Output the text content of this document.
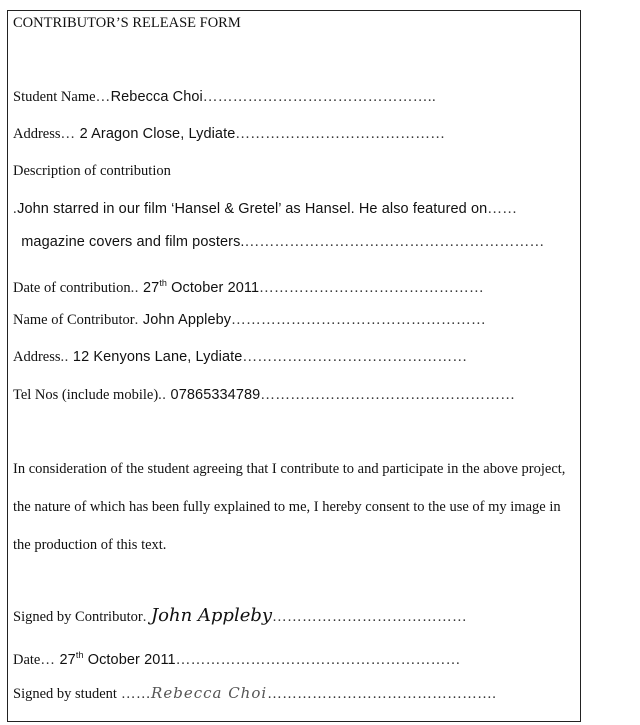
CONTRIBUTOR’S RELEASE FORM
Student Name…Rebecca Choi………………………………………..
Address… 2 Aragon Close, Lydiate……………………………………
Description of contribution
.John starred in our film ‘Hansel & Gretel’ as Hansel. He also featured on……
magazine covers and film posters.……………………………………………………
Date of contribution.. 27th October 2011………………………………………
Name of Contributor. John Appleby……………………………………………
Address.. 12 Kenyons Lane, Lydiate………………………………………
Tel Nos (include mobile).. 07865334789……………………………………………
In consideration of the student agreeing that I contribute to and participate in the above project, the nature of which has been fully explained to me, I hereby consent to the use of my image in the production of this text.
Signed by Contributor. John Appleby…………………………………
Date… 27th October 2011…………………………………………………
Signed by student ……Rebecca Choi……………………………………….
